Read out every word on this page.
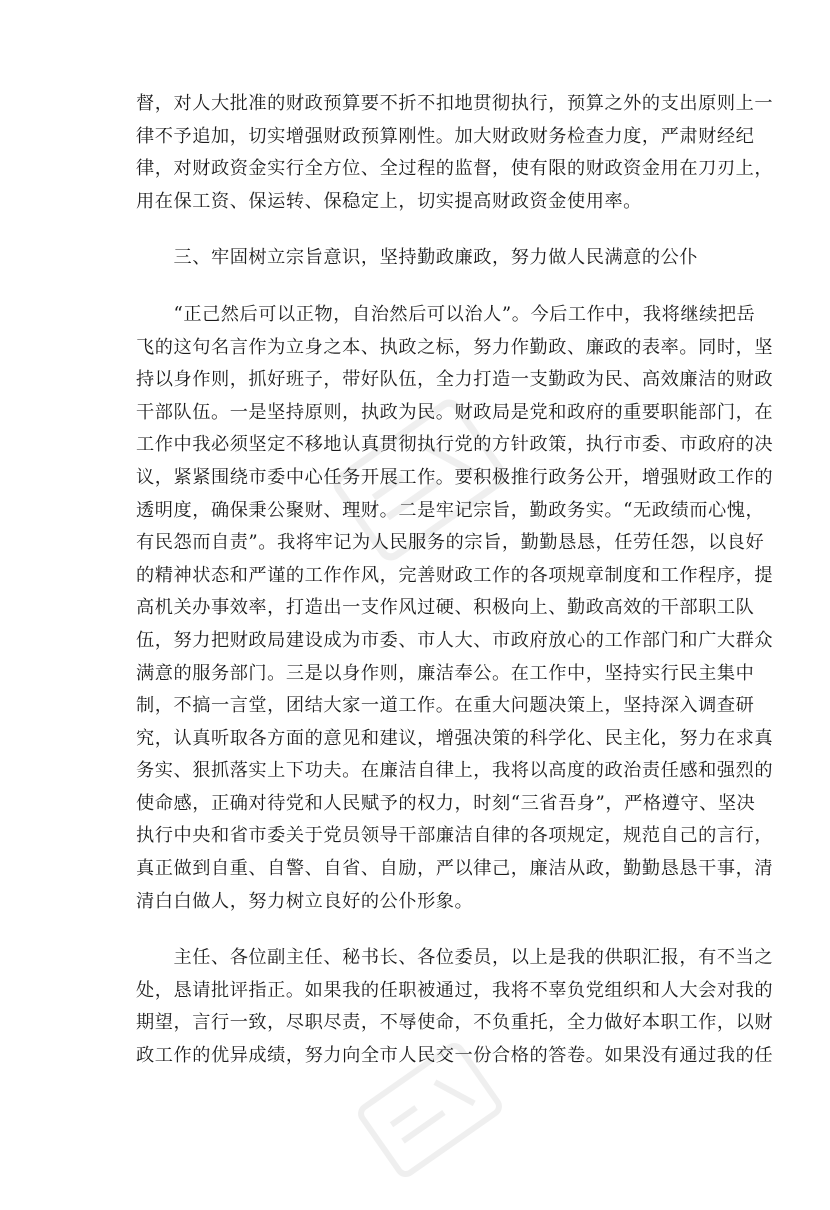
督，对人大批准的财政预算要不折不扣地贯彻执行，预算之外的支出原则上一
律不予追加，切实增强财政预算刚性。加大财政财务检查力度，严肃财经纪
律，对财政资金实行全方位、全过程的监督，使有限的财政资金用在刀刃上，
用在保工资、保运转、保稳定上，切实提高财政资金使用率。
　　三、牢固树立宗旨意识，坚持勤政廉政，努力做人民满意的公仆
　　“正己然后可以正物，自治然后可以治人”。今后工作中，我将继续把岳
飞的这句名言作为立身之本、执政之标，努力作勤政、廉政的表率。同时，坚
持以身作则，抓好班子，带好队伍，全力打造一支勤政为民、高效廉洁的财政
干部队伍。一是坚持原则，执政为民。财政局是党和政府的重要职能部门，在
工作中我必须坚定不移地认真贯彻执行党的方针政策，执行市委、市政府的决
议，紧紧围绕市委中心任务开展工作。要积极推行政务公开，增强财政工作的
透明度，确保秉公聚财、理财。二是牢记宗旨，勤政务实。“无政绩而心愧，
有民怨而自责”。我将牢记为人民服务的宗旨，勤勤恳恳，任劳任怨，以良好
的精神状态和严谨的工作作风，完善财政工作的各项规章制度和工作程序，提
高机关办事效率，打造出一支作风过硬、积极向上、勤政高效的干部职工队
伍，努力把财政局建设成为市委、市人大、市政府放心的工作部门和广大群众
满意的服务部门。三是以身作则，廉洁奉公。在工作中，坚持实行民主集中
制，不搞一言堂，团结大家一道工作。在重大问题决策上，坚持深入调查研
究，认真听取各方面的意见和建议，增强决策的科学化、民主化，努力在求真
务实、狠抓落实上下功夫。在廉洁自律上，我将以高度的政治责任感和强烈的
使命感，正确对待党和人民赋予的权力，时刻“三省吾身”，严格遵守、坚决
执行中央和省市委关于党员领导干部廉洁自律的各项规定，规范自己的言行，
真正做到自重、自警、自省、自励，严以律己，廉洁从政，勤勤恳恳干事，清
清白白做人，努力树立良好的公仆形象。
　　主任、各位副主任、秘书长、各位委员，以上是我的供职汇报，有不当之
处，恳请批评指正。如果我的任职被通过，我将不辜负党组织和人大会对我的
期望，言行一致，尽职尽责，不辱使命，不负重托，全力做好本职工作，以财
政工作的优异成绩，努力向全市人民交一份合格的答卷。如果没有通过我的任
